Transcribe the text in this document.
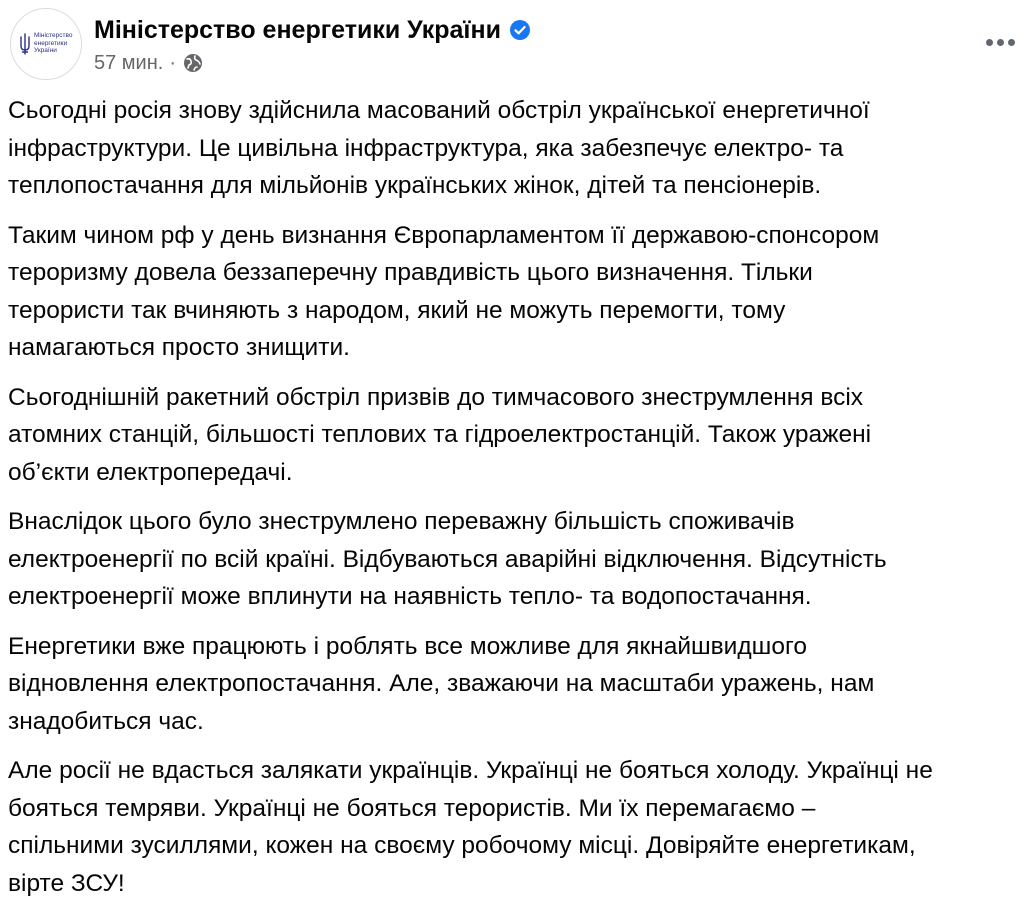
Міністерство
енергетики
України
Міністерство енергетики України
57 мин. ·

Сьогодні росія знову здійснила масований обстріл української енергетичної
інфраструктури. Це цивільна інфраструктура, яка забезпечує електро- та
теплопостачання для мільйонів українських жінок, дітей та пенсіонерів.

Таким чином рф у день визнання Європарламентом її державою-спонсором
тероризму довела беззаперечну правдивість цього визначення. Тільки
терористи так вчиняють з народом, який не можуть перемогти, тому
намагаються просто знищити.

Сьогоднішній ракетний обстріл призвів до тимчасового знеструмлення всіх
атомних станцій, більшості теплових та гідроелектростанцій. Також уражені
об’єкти електропередачі.

Внаслідок цього було знеструмлено переважну більшість споживачів
електроенергії по всій країні. Відбуваються аварійні відключення. Відсутність
електроенергії може вплинути на наявність тепло- та водопостачання.

Енергетики вже працюють і роблять все можливе для якнайшвидшого
відновлення електропостачання. Але, зважаючи на масштаби уражень, нам
знадобиться час.

Але росії не вдасться залякати українців. Українці не бояться холоду. Українці не
бояться темряви. Українці не бояться терористів. Ми їх перемагаємо –
спільними зусиллями, кожен на своєму робочому місці. Довіряйте енергетикам,
вірте ЗСУ!
